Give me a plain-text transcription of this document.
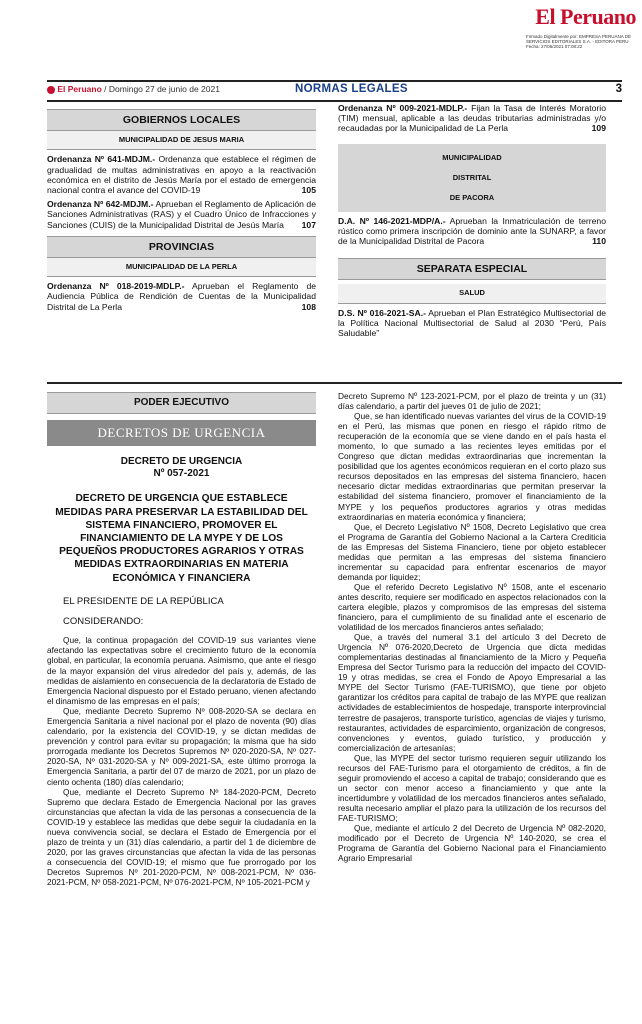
El Peruano
Firmado Digitalmente por: EMPRESA PERUANA DE SERVICIOS EDITORIALES S.A. - EDITORA PERU Fecha: 27/06/2021 07:08:22
El Peruano / Domingo 27 de junio de 2021	NORMAS LEGALES	3
GOBIERNOS LOCALES
MUNICIPALIDAD DE JESUS MARIA
Ordenanza Nº 641-MDJM.- Ordenanza que establece el régimen de gradualidad de multas administrativas en apoyo a la reactivación económica en el distrito de Jesús María por el estado de emergencia nacional contra el avance del COVID-19	105
Ordenanza Nº 642-MDJM.- Aprueban el Reglamento de Aplicación de Sanciones Administrativas (RAS) y el Cuadro Único de Infracciones y Sanciones (CUIS) de la Municipalidad Distrital de Jesús María 107
PROVINCIAS
MUNICIPALIDAD DE LA PERLA
Ordenanza Nº 018-2019-MDLP.- Aprueban el Reglamento de Audiencia Pública de Rendición de Cuentas de la Municipalidad Distrital de La Perla	108
Ordenanza Nº 009-2021-MDLP.- Fijan la Tasa de Interés Moratorio (TIM) mensual, aplicable a las deudas tributarias administradas y/o recaudadas por la Municipalidad de La Perla	109
MUNICIPALIDAD
DISTRITAL
DE PACORA
D.A. Nº 146-2021-MDP/A.- Aprueban la Inmatriculación de terreno rústico como primera inscripción de dominio ante la SUNARP, a favor de la Municipalidad Distrital de Pacora	110
SEPARATA ESPECIAL
SALUD
D.S. Nº 016-2021-SA.- Aprueban el Plan Estratégico Multisectorial de la Política Nacional Multisectorial de Salud al 2030 “Perú, País Saludable”
PODER EJECUTIVO
DECRETOS DE URGENCIA
DECRETO DE URGENCIA
Nº 057-2021
DECRETO DE URGENCIA QUE ESTABLECE MEDIDAS PARA PRESERVAR LA ESTABILIDAD DEL SISTEMA FINANCIERO, PROMOVER EL FINANCIAMIENTO DE LA MYPE Y DE LOS PEQUEÑOS PRODUCTORES AGRARIOS Y OTRAS MEDIDAS EXTRAORDINARIAS EN MATERIA ECONÓMICA Y FINANCIERA
EL PRESIDENTE DE LA REPÚBLICA
CONSIDERANDO:

Que, la continua propagación del COVID-19 sus variantes viene afectando las expectativas sobre el crecimiento futuro de la economía global, en particular, la economía peruana. Asimismo, que ante el riesgo de la mayor expansión del virus alrededor del país y, además, de las medidas de aislamiento en consecuencia de la declaratoria de Estado de Emergencia Nacional dispuesto por el Estado peruano, vienen afectando el dinamismo de las empresas en el país;

Que, mediante Decreto Supremo Nº 008-2020-SA se declara en Emergencia Sanitaria a nivel nacional por el plazo de noventa (90) días calendario, por la existencia del COVID-19, y se dictan medidas de prevención y control para evitar su propagación; la misma que ha sido prorrogada mediante los Decretos Supremos Nº 020-2020-SA, Nº 027-2020-SA, Nº 031-2020-SA y Nº 009-2021-SA, este último prorroga la Emergencia Sanitaria, a partir del 07 de marzo de 2021, por un plazo de ciento ochenta (180) días calendario;

Que, mediante el Decreto Supremo Nº 184-2020-PCM, Decreto Supremo que declara Estado de Emergencia Nacional por las graves circunstancias que afectan la vida de las personas a consecuencia de la COVID-19 y establece las medidas que debe seguir la ciudadanía en la nueva convivencia social, se declara el Estado de Emergencia por el plazo de treinta y un (31) días calendario, a partir del 1 de diciembre de 2020, por las graves circunstancias que afectan la vida de las personas a consecuencia del COVID-19; el mismo que fue prorrogado por los Decretos Supremos Nº 201-2020-PCM, Nº 008-2021-PCM, Nº 036-2021-PCM, Nº 058-2021-PCM, Nº 076-2021-PCM, Nº 105-2021-PCM y

Decreto Supremo Nº 123-2021-PCM, por el plazo de treinta y un (31) días calendario, a partir del jueves 01 de julio de 2021;

Que, se han identificado nuevas variantes del virus de la COVID-19 en el Perú, las mismas que ponen en riesgo el rápido ritmo de recuperación de la economía que se viene dando en el país hasta el momento, lo que sumado a las recientes leyes emitidas por el Congreso que dictan medidas extraordinarias que incrementan la posibilidad que los agentes económicos requieran en el corto plazo sus recursos depositados en las empresas del sistema financiero, hacen necesario dictar medidas extraordinarias que permitan preservar la estabilidad del sistema financiero, promover el financiamiento de la MYPE y los pequeños productores agrarios y otras medidas extraordinarias en materia económica y financiera;

Que, el Decreto Legislativo Nº 1508, Decreto Legislativo que crea el Programa de Garantía del Gobierno Nacional a la Cartera Crediticia de las Empresas del Sistema Financiero, tiene por objeto establecer medidas que permitan a las empresas del sistema financiero incrementar su capacidad para enfrentar escenarios de mayor demanda por liquidez;

Que el referido Decreto Legislativo Nº 1508, ante el escenario antes descrito, requiere ser modificado en aspectos relacionados con la cartera elegible, plazos y compromisos de las empresas del sistema financiero, para el cumplimiento de su finalidad ante el escenario de volatilidad de los mercados financieros antes señalado;

Que, a través del numeral 3.1 del artículo 3 del Decreto de Urgencia Nº 076-2020,Decreto de Urgencia que dicta medidas complementarias destinadas al financiamiento de la Micro y Pequeña Empresa del Sector Turismo para la reducción del impacto del COVID-19 y otras medidas, se crea el Fondo de Apoyo Empresarial a las MYPE del Sector Turismo (FAE-TURISMO), que tiene por objeto garantizar los créditos para capital de trabajo de las MYPE que realizan actividades de establecimientos de hospedaje, transporte interprovincial terrestre de pasajeros, transporte turístico, agencias de viajes y turismo, restaurantes, actividades de esparcimiento, organización de congresos, convenciones y eventos, guiado turístico, y producción y comercialización de artesanías;

Que, las MYPE del sector turismo requieren seguir utilizando los recursos del FAE-Turismo para el otorgamiento de créditos, a fin de seguir promoviendo el acceso a capital de trabajo; considerando que es un sector con menor acceso a financiamiento y que ante la incertidumbre y volatilidad de los mercados financieros antes señalado, resulta necesario ampliar el plazo para la utilización de los recursos del FAE-TURISMO;

Que, mediante el artículo 2 del Decreto de Urgencia Nº 082-2020, modificado por el Decreto de Urgencia Nº 140-2020, se crea el Programa de Garantía del Gobierno Nacional para el Financiamiento Agrario Empresarial
